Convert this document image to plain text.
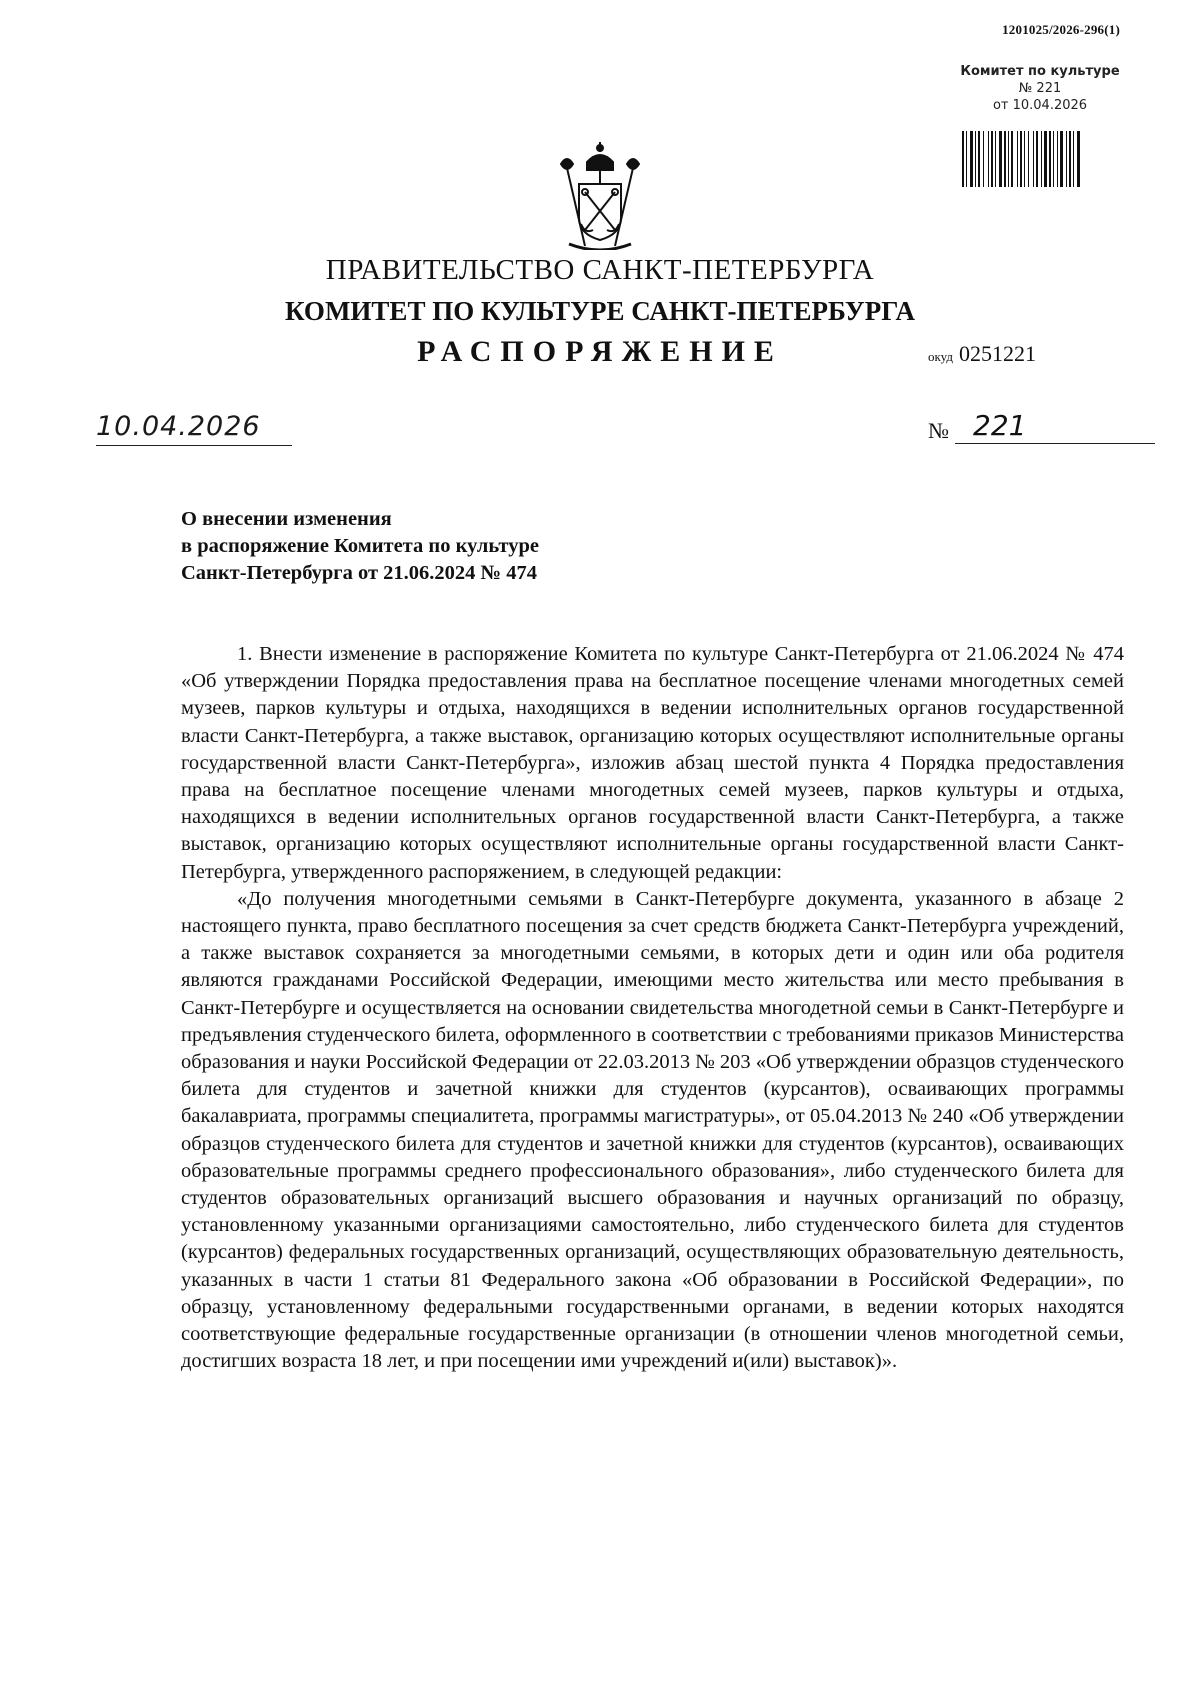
1201025/2026-296(1)
Комитет по культуре
№ 221
от 10.04.2026
ПРАВИТЕЛЬСТВО САНКТ-ПЕТЕРБУРГА
КОМИТЕТ ПО КУЛЬТУРЕ САНКТ-ПЕТЕРБУРГА
РАСПОРЯЖЕНИЕ	окуд 0251221
10.04.2026	№ 221
О внесении изменения
в распоряжение Комитета по культуре
Санкт-Петербурга от 21.06.2024 № 474

1. Внести изменение в распоряжение Комитета по культуре Санкт-Петербурга от 21.06.2024 № 474 «Об утверждении Порядка предоставления права на бесплатное посещение членами многодетных семей музеев, парков культуры и отдыха, находящихся в ведении исполнительных органов государственной власти Санкт-Петербурга, а также выставок, организацию которых осуществляют исполнительные органы государственной власти Санкт-Петербурга», изложив абзац шестой пункта 4 Порядка предоставления права на бесплатное посещение членами многодетных семей музеев, парков культуры и отдыха, находящихся в ведении исполнительных органов государственной власти Санкт-Петербурга, а также выставок, организацию которых осуществляют исполнительные органы государственной власти Санкт-Петербурга, утвержденного распоряжением, в следующей редакции:

«До получения многодетными семьями в Санкт-Петербурге документа, указанного в абзаце 2 настоящего пункта, право бесплатного посещения за счет средств бюджета Санкт-Петербурга учреждений, а также выставок сохраняется за многодетными семьями, в которых дети и один или оба родителя являются гражданами Российской Федерации, имеющими место жительства или место пребывания в Санкт-Петербурге и осуществляется на основании свидетельства многодетной семьи в Санкт-Петербурге и предъявления студенческого билета, оформленного в соответствии с требованиями приказов Министерства образования и науки Российской Федерации от 22.03.2013 № 203 «Об утверждении образцов студенческого билета для студентов и зачетной книжки для студентов (курсантов), осваивающих программы бакалавриата, программы специалитета, программы магистратуры», от 05.04.2013 № 240 «Об утверждении образцов студенческого билета для студентов и зачетной книжки для студентов (курсантов), осваивающих образовательные программы среднего профессионального образования», либо студенческого билета для студентов образовательных организаций высшего образования и научных организаций по образцу, установленному указанными организациями самостоятельно, либо студенческого билета для студентов (курсантов) федеральных государственных организаций, осуществляющих образовательную деятельность, указанных в части 1 статьи 81 Федерального закона «Об образовании в Российской Федерации», по образцу, установленному федеральными государственными органами, в ведении которых находятся соответствующие федеральные государственные организации (в отношении членов многодетной семьи, достигших возраста 18 лет, и при посещении ими учреждений и(или) выставок)».
